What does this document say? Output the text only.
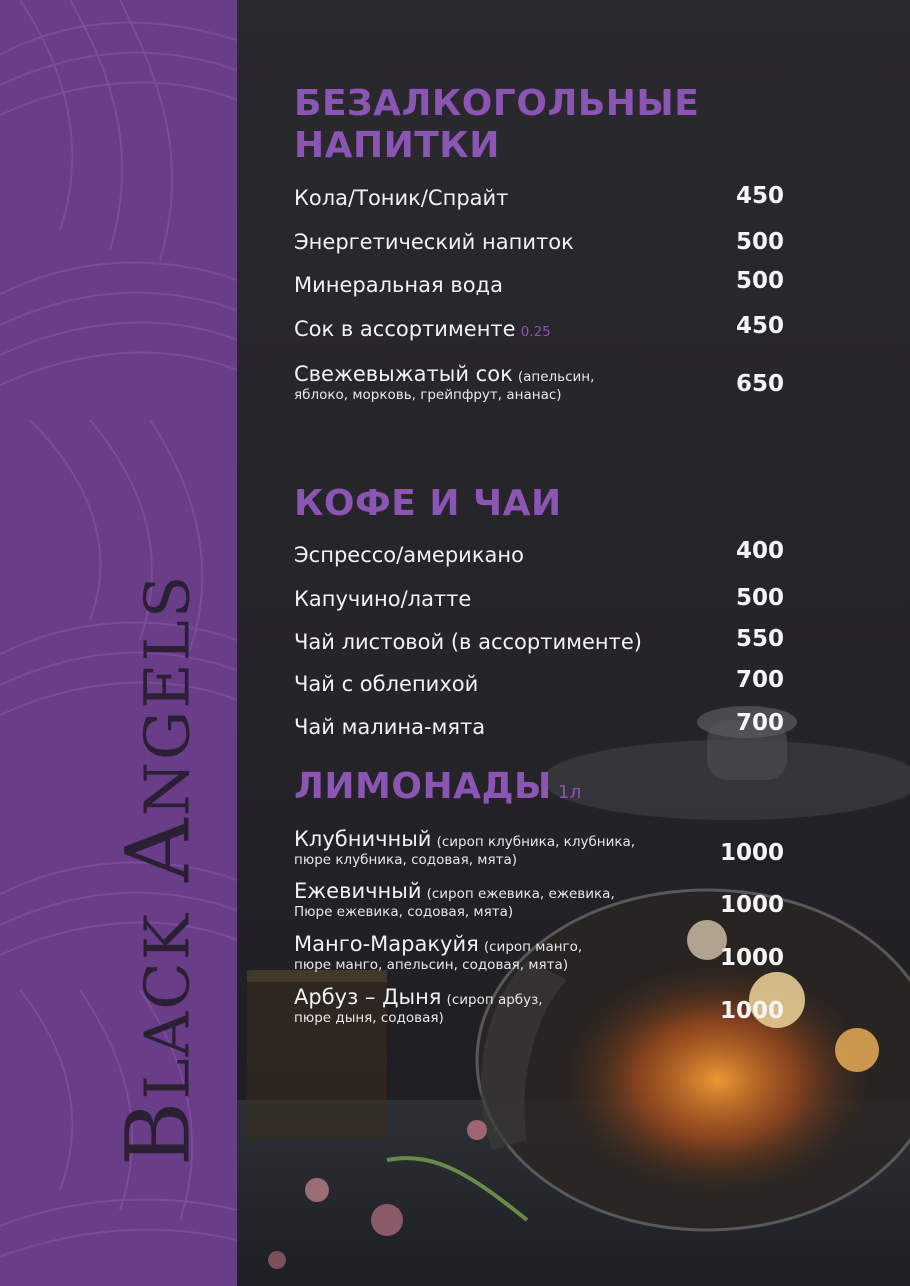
Black Angels
БЕЗАЛКОГОЛЬНЫЕ
НАПИТКИ
Кола/Тоник/Спрайт	450
Энергетический напиток	500
Минеральная вода	500
Сок в ассортименте 0.25	450
Свежевыжатый сок (апельсин,
яблоко, морковь, грейпфрут, ананас)	650
КОФЕ И ЧАИ
Эспрессо/американо	400
Капучино/латте	500
Чай листовой (в ассортименте)	550
Чай с облепихой	700
Чай малина-мята	700
ЛИМОНАДЫ 1л
Клубничный (сироп клубника, клубника,
пюре клубника, содовая, мята)	1000
Ежевичный (сироп ежевика, ежевика,
Пюре ежевика, содовая, мята)	1000
Манго-Маракуйя (сироп манго,
пюре манго, апельсин, содовая, мята)	1000
Арбуз – Дыня (сироп арбуз,
пюре дыня, содовая)	1000
